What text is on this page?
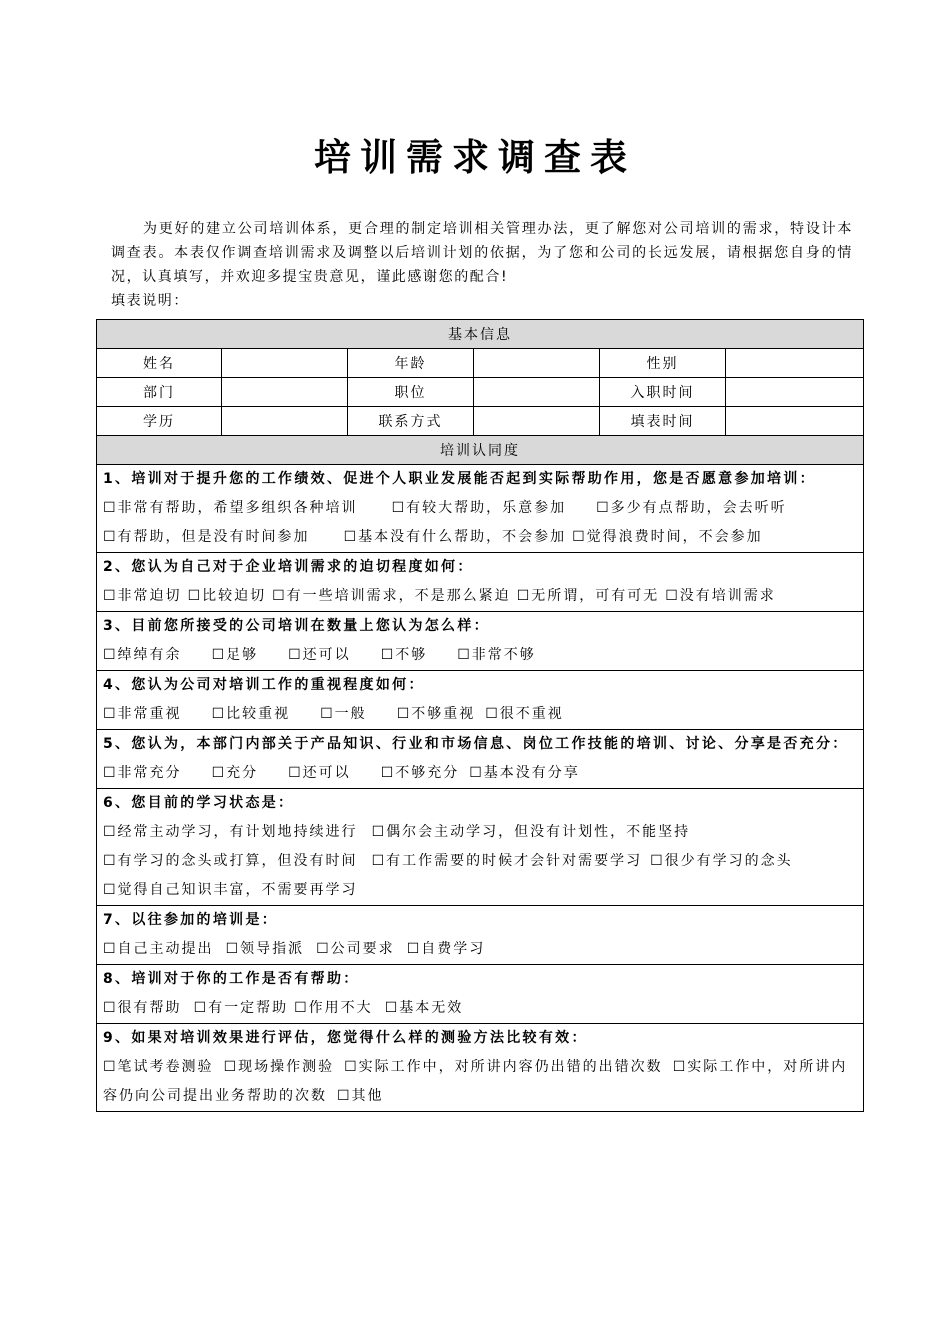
培训需求调查表

为更好的建立公司培训体系，更合理的制定培训相关管理办法，更了解您对公司培训的需求，特设计本调查表。本表仅作调查培训需求及调整以后培训计划的依据，为了您和公司的长远发展，请根据您自身的情况，认真填写，并欢迎多提宝贵意见，谨此感谢您的配合!

填表说明：

基本信息					
姓名		年龄		性别	
部门		职位		入职时间	
学历		联系方式		填表时间	
培训认同度					

1、培训对于提升您的工作绩效、促进个人职业发展能否起到实际帮助作用，您是否愿意参加培训：
☐非常有帮助，希望多组织各种培训 ☐有较大帮助，乐意参加 ☐多少有点帮助，会去听听
☐有帮助，但是没有时间参加 ☐基本没有什么帮助，不会参加 ☐觉得浪费时间，不会参加					

2、您认为自己对于企业培训需求的迫切程度如何：
☐非常迫切 ☐比较迫切 ☐有一些培训需求，不是那么紧迫 ☐无所谓，可有可无 ☐没有培训需求					

3、目前您所接受的公司培训在数量上您认为怎么样：
☐绰绰有余 ☐足够 ☐还可以 ☐不够 ☐非常不够					

4、您认为公司对培训工作的重视程度如何：
☐非常重视 ☐比较重视 ☐一般 ☐不够重视 ☐很不重视					

5、您认为，本部门内部关于产品知识、行业和市场信息、岗位工作技能的培训、讨论、分享是否充分：
☐非常充分 ☐充分 ☐还可以 ☐不够充分 ☐基本没有分享					

6、您目前的学习状态是：
☐经常主动学习，有计划地持续进行 ☐偶尔会主动学习，但没有计划性，不能坚持
☐有学习的念头或打算，但没有时间 ☐有工作需要的时候才会针对需要学习 ☐很少有学习的念头
☐觉得自己知识丰富，不需要再学习					

7、以往参加的培训是：
☐自己主动提出 ☐领导指派 ☐公司要求 ☐自费学习					

8、培训对于你的工作是否有帮助：
☐很有帮助 ☐有一定帮助 ☐作用不大 ☐基本无效					

9、如果对培训效果进行评估，您觉得什么样的测验方法比较有效：
☐笔试考卷测验 ☐现场操作测验 ☐实际工作中，对所讲内容仍出错的出错次数 ☐实际工作中，对所讲内容仍向公司提出业务帮助的次数 ☐其他					
